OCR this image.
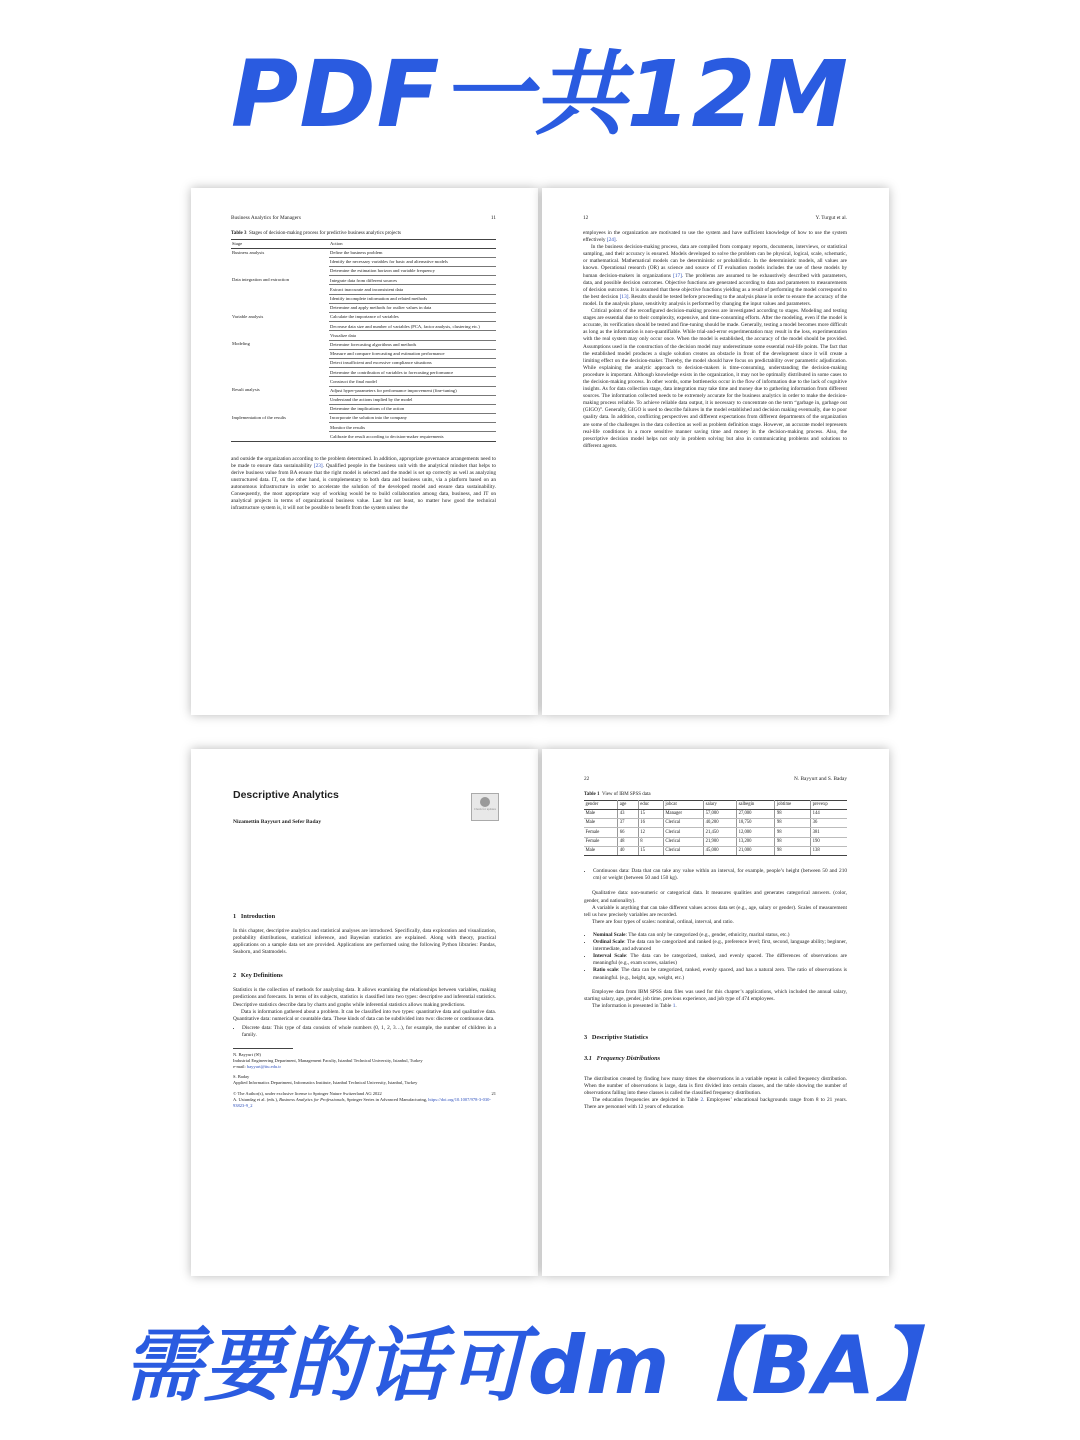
PDF一共12M
Business Analytics for Managers	11
Table 3 Stages of decision-making process for predictive business analytics projects
Stage	Action
Business analysis	Define the business problem
	Identify the necessary variables for basic and alternative models
	Determine the estimation horizon and variable frequency
Data integration and extraction	Integrate data from different sources
	Extract inaccurate and inconsistent data
	Identify incomplete information and related methods
	Determine and apply methods for outlier values in data
Variable analysis	Calculate the importance of variables
	Decrease data size and number of variables (PCA, factor analysis, clustering etc.)
	Visualize data
Modeling	Determine forecasting algorithms and methods
	Measure and compare forecasting and estimation performance
	Detect insufficient and excessive compliance situations
	Determine the contribution of variables to forecasting performance
	Construct the final model
Result analysis	Adjust hyper-parameters for performance improvement (fine-tuning)
	Understand the actions implied by the model
	Determine the implications of the action
Implementation of the results	Incorporate the solution into the company
	Monitor the results
	Calibrate the result according to decision-maker requirements

and outside the organization according to the problem determined. In addition, appropriate governance arrangements need to be made to ensure data sustainability [23]. Qualified people in the business unit with the analytical mindset that helps to derive business value from BA ensure that the right model is selected and the model is set up correctly as well as analyzing unstructured data. IT, on the other hand, is complementary to both data and business units, via a platform based on an autonomous infrastructure in order to accelerate the solution of the developed model and ensure data sustainability. Consequently, the most appropriate way of working would be to build collaboration among data, business, and IT on analytical projects in terms of organizational business value. Last but not least, no matter how good the technical infrastructure system is, it will not be possible to benefit from the system unless the

12	Y. Turgut et al.

employees in the organization are motivated to use the system and have sufficient knowledge of how to use the system effectively [24].

In the business decision-making process, data are compiled from company reports, documents, interviews, or statistical sampling, and their accuracy is ensured. Models developed to solve the problem can be physical, logical, scale, schematic, or mathematical. Mathematical models can be deterministic or probabilistic. In the deterministic models, all values are known. Operational research (OR) as science and source of IT evaluation models includes the use of these models by human decision-makers in organizations [17]. The problems are assumed to be exhaustively described with parameters, data, and possible decision outcomes. Objective functions are generated according to data and parameters to measurements of decision outcomes. It is assumed that these objective functions yielding as a result of performing the model correspond to the best decision [13]. Results should be tested before proceeding to the analysis phase in order to ensure the accuracy of the model. In the analysis phase, sensitivity analysis is performed by changing the input values and parameters.

Critical points of the reconfigured decision-making process are investigated according to stages. Modeling and testing stages are essential due to their complexity, expensive, and time-consuming efforts. After the modeling, even if the model is accurate, its verification should be tested and fine-tuning should be made. Generally, testing a model becomes more difficult as long as the information is non-quantifiable. While trial-and-error experimentation may result in the loss, experimentation with the real system may only occur once. When the model is established, the accuracy of the model should be provided. Assumptions used in the construction of the decision model may underestimate some essential real-life points. The fact that the established model produces a single solution creates an obstacle in front of the development since it will create a limiting effect on the decision-maker. Thereby, the model should have focus on predictability over parametric adjudication. While explaining the analytic approach to decision-makers is time-consuming, understanding the decision-making procedure is important. Although knowledge exists in the organization, it may not be optimally distributed in some cases to the decision-making process. In other words, some bottlenecks occur in the flow of information due to the lack of cognitive insights. As for data collection stage, data integration may take time and money due to gathering information from different sources. The information collected needs to be extremely accurate for the business analytics in order to make the decision-making process reliable. To achieve reliable data output, it is necessary to concentrate on the term “garbage in, garbage out (GIGO)”. Generally, GIGO is used to describe failures in the model established and decision making eventually, due to poor quality data. In addition, conflicting perspectives and different expectations from different departments of the organization are some of the challenges in the data collection as well as problem definition stage. However, an accurate model represents real-life conditions in a more sensitive manner saving time and money in the decision-making process. Also, the prescriptive decision model helps not only in problem solving but also in communicating problems and solutions to different agents.

Descriptive Analytics
Nizamettin Bayyurt and Sefer Baday
Check for updates
1 Introduction

In this chapter, descriptive analytics and statistical analyses are introduced. Specifically, data exploration and visualization, probability distributions, statistical inference, and Bayesian statistics are explained. Along with theory, practical applications on a sample data set are provided. Applications are performed using the following Python libraries: Pandas, Seaborn, and Statmodels.

2 Key Definitions

Statistics is the collection of methods for analyzing data. It allows examining the relationships between variables, making predictions and forecasts. In terms of its subjects, statistics is classified into two types: descriptive and inferential statistics. Descriptive statistics describe data by charts and graphs while inferential statistics allows making predictions.

Data is information gathered about a problem. It can be classified into two types: quantitative data and qualitative data. Quantitative data: numerical or countable data. These kinds of data can be subdivided into two: discrete or continuous data.

• Discrete data: This type of data consists of whole numbers (0, 1, 2, 3…), for example, the number of children in a family.
N. Bayyurt (✉)
Industrial Engineering Department, Management Faculty, Istanbul Technical University, Istanbul, Turkey
e-mail: bayyurt@itu.edu.tr
S. Baday
Applied Informatics Department, Informatics Institute, Istanbul Technical University, Istanbul, Turkey
© The Author(s), under exclusive license to Springer Nature Switzerland AG 2022	21
A. Ustundag et al. (eds.), Business Analytics for Professionals, Springer Series in Advanced Manufacturing, https://doi.org/10.1007/978-3-030-93823-9_2
22	N. Bayyurt and S. Baday
Table 1 View of IBM SPSS data
gender	age	educ	jobcat	salary	salbegin	jobtime	prevexp
Male	43	15	Manager	57,000	27,000	98	144
Male	37	16	Clerical	40,200	18,750	98	36
Female	66	12	Clerical	21,450	12,000	98	381
Female	48	8	Clerical	21,900	13,200	98	190
Male	40	15	Clerical	45,000	21,000	98	138
• Continuous data: Data that can take any value within an interval, for example, people’s height (between 50 and 210 cm) or weight (between 50 and 150 kg).

Qualitative data: non-numeric or categorical data. It measures qualities and generates categorical answers. (color, gender, and nationality).

A variable is anything that can take different values across data set (e.g., age, salary or gender). Scales of measurement tell us how precisely variables are recorded.

There are four types of scales: nominal, ordinal, interval, and ratio.

• Nominal Scale: The data can only be categorized (e.g., gender, ethnicity, marital status, etc.)
• Ordinal Scale: The data can be categorized and ranked (e.g., preference level; first, second, language ability; beginner, intermediate, and advanced
• Interval Scale: The data can be categorized, ranked, and evenly spaced. The differences of observations are meaningful (e.g., exam scores, salaries)
• Ratio scale: The data can be categorized, ranked, evenly spaced, and has a natural zero. The ratio of observations is meaningful. (e.g., height, age, weight, etc.)

Employee data from IBM SPSS data files was used for this chapter’s applications, which included the annual salary, starting salary, age, gender, job time, previous experience, and job type of 474 employees.

The information is presented in Table 1.

3 Descriptive Statistics
3.1 Frequency Distributions

The distribution created by finding how many times the observations in a variable repeat is called frequency distribution. When the number of observations is large, data is first divided into certain classes, and the table showing the number of observations falling into these classes is called the classified frequency distribution.

The education frequencies are depicted in Table 2. Employees’ educational backgrounds range from 8 to 21 years. There are personnel with 12 years of education

需要的话可dm【BA】
